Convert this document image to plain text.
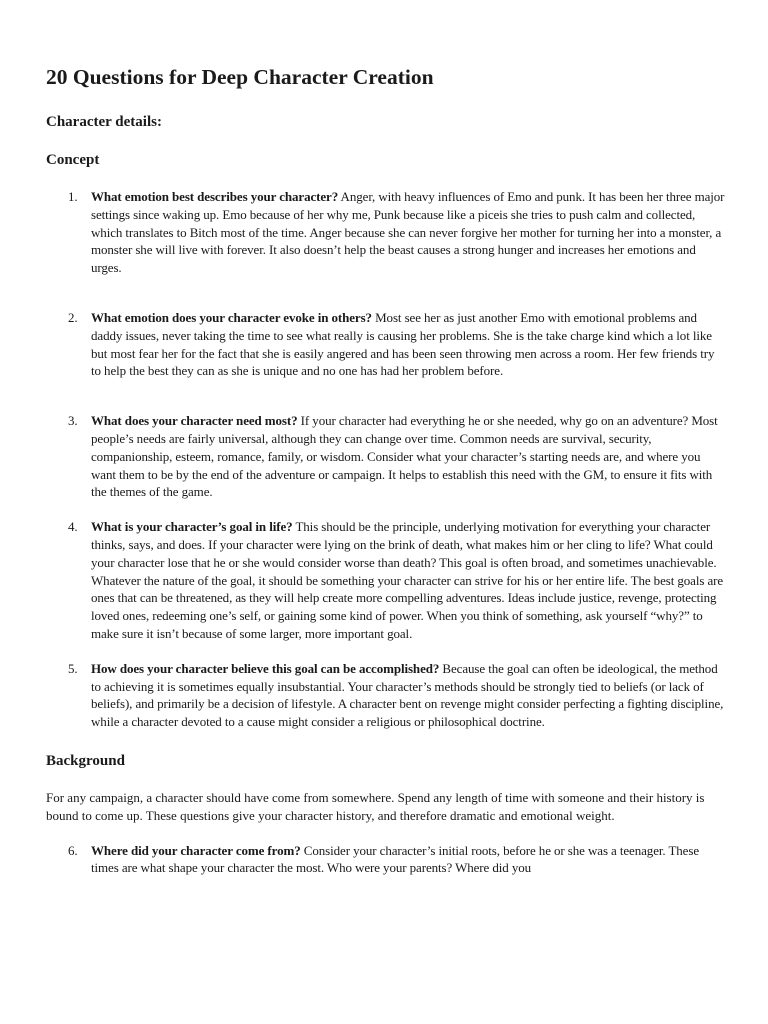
20 Questions for Deep Character Creation
Character details:
Concept
1. What emotion best describes your character? Anger, with heavy influences of Emo and punk. It has been her three major settings since waking up. Emo because of her why me, Punk because like a piceis she tries to push calm and collected, which translates to Bitch most of the time. Anger because she can never forgive her mother for turning her into a monster, a monster she will live with forever. It also doesn’t help the beast causes a strong hunger and increases her emotions and urges.
2. What emotion does your character evoke in others? Most see her as just another Emo with emotional problems and daddy issues, never taking the time to see what really is causing her problems. She is the take charge kind which a lot like but most fear her for the fact that she is easily angered and has been seen throwing men across a room. Her few friends try to help the best they can as she is unique and no one has had her problem before.
3. What does your character need most? If your character had everything he or she needed, why go on an adventure? Most people’s needs are fairly universal, although they can change over time. Common needs are survival, security, companionship, esteem, romance, family, or wisdom. Consider what your character’s starting needs are, and where you want them to be by the end of the adventure or campaign. It helps to establish this need with the GM, to ensure it fits with the themes of the game.
4. What is your character’s goal in life? This should be the principle, underlying motivation for everything your character thinks, says, and does. If your character were lying on the brink of death, what makes him or her cling to life? What could your character lose that he or she would consider worse than death? This goal is often broad, and sometimes unachievable. Whatever the nature of the goal, it should be something your character can strive for his or her entire life. The best goals are ones that can be threatened, as they will help create more compelling adventures. Ideas include justice, revenge, protecting loved ones, redeeming one’s self, or gaining some kind of power. When you think of something, ask yourself “why?” to make sure it isn’t because of some larger, more important goal.
5. How does your character believe this goal can be accomplished? Because the goal can often be ideological, the method to achieving it is sometimes equally insubstantial. Your character’s methods should be strongly tied to beliefs (or lack of beliefs), and primarily be a decision of lifestyle. A character bent on revenge might consider perfecting a fighting discipline, while a character devoted to a cause might consider a religious or philosophical doctrine.
Background

For any campaign, a character should have come from somewhere. Spend any length of time with someone and their history is bound to come up. These questions give your character history, and therefore dramatic and emotional weight.

6. Where did your character come from? Consider your character’s initial roots, before he or she was a teenager. These times are what shape your character the most. Who were your parents? Where did you
